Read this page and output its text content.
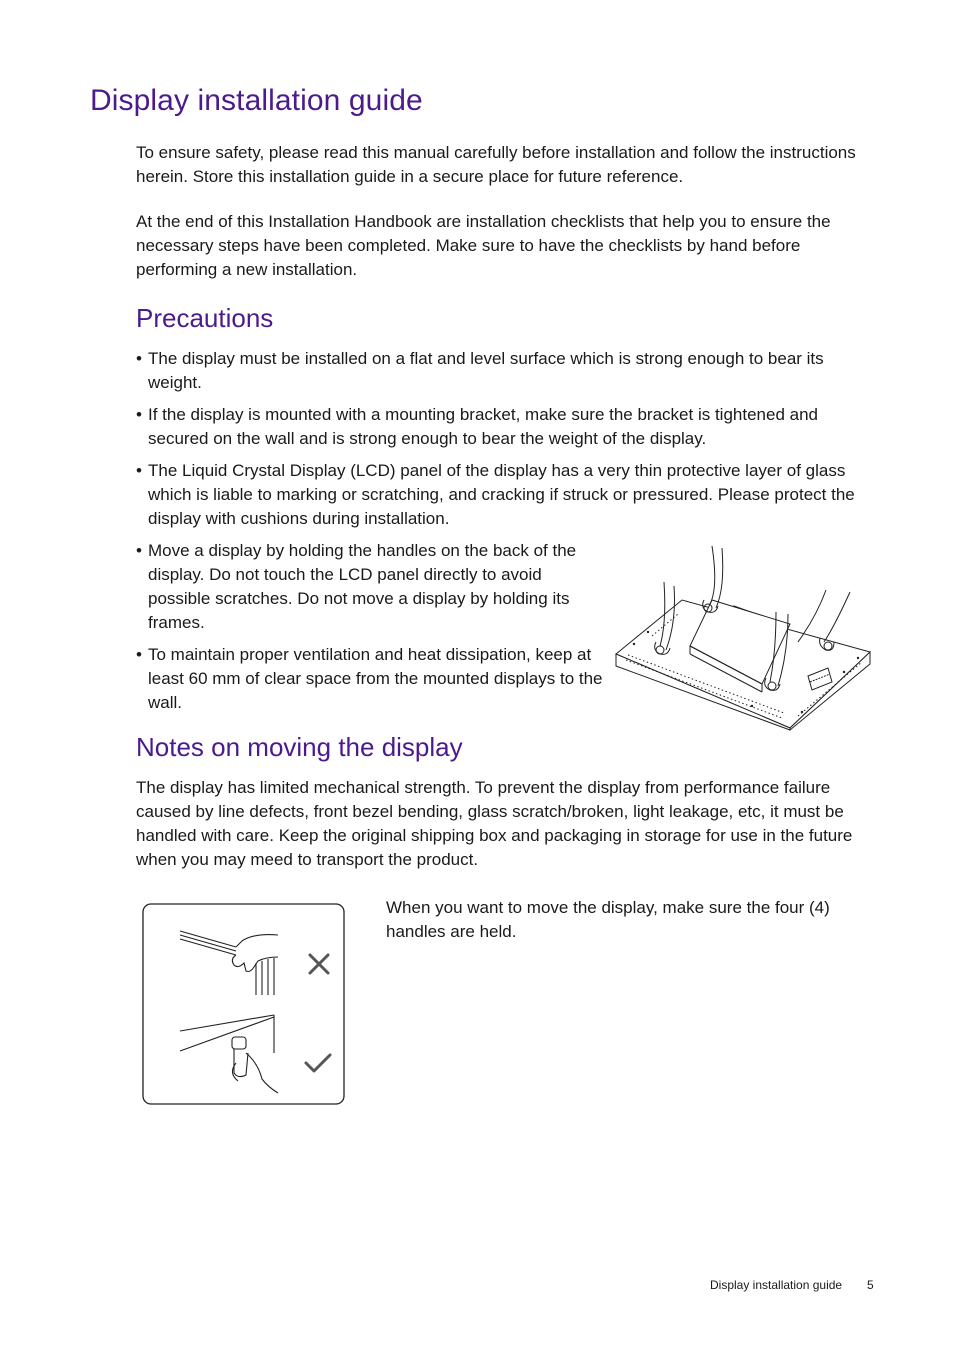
Display installation guide

To ensure safety, please read this manual carefully before installation and follow the instructions herein. Store this installation guide in a secure place for future reference.

At the end of this Installation Handbook are installation checklists that help you to ensure the necessary steps have been completed. Make sure to have the checklists by hand before performing a new installation.

Precautions

• The display must be installed on a flat and level surface which is strong enough to bear its weight.

• If the display is mounted with a mounting bracket, make sure the bracket is tightened and secured on the wall and is strong enough to bear the weight of the display.

• The Liquid Crystal Display (LCD) panel of the display has a very thin protective layer of glass which is liable to marking or scratching, and cracking if struck or pressured. Please protect the display with cushions during installation.

• Move a display by holding the handles on the back of the display. Do not touch the LCD panel directly to avoid possible scratches. Do not move a display by holding its frames.

• To maintain proper ventilation and heat dissipation, keep at least 60 mm of clear space from the mounted displays to the wall.

Notes on moving the display

The display has limited mechanical strength. To prevent the display from performance failure caused by line defects, front bezel bending, glass scratch/broken, light leakage, etc, it must be handled with care. Keep the original shipping box and packaging in storage for use in the future when you may meed to transport the product.

When you want to move the display, make sure the four (4) handles are held.

Display installation guide 5
